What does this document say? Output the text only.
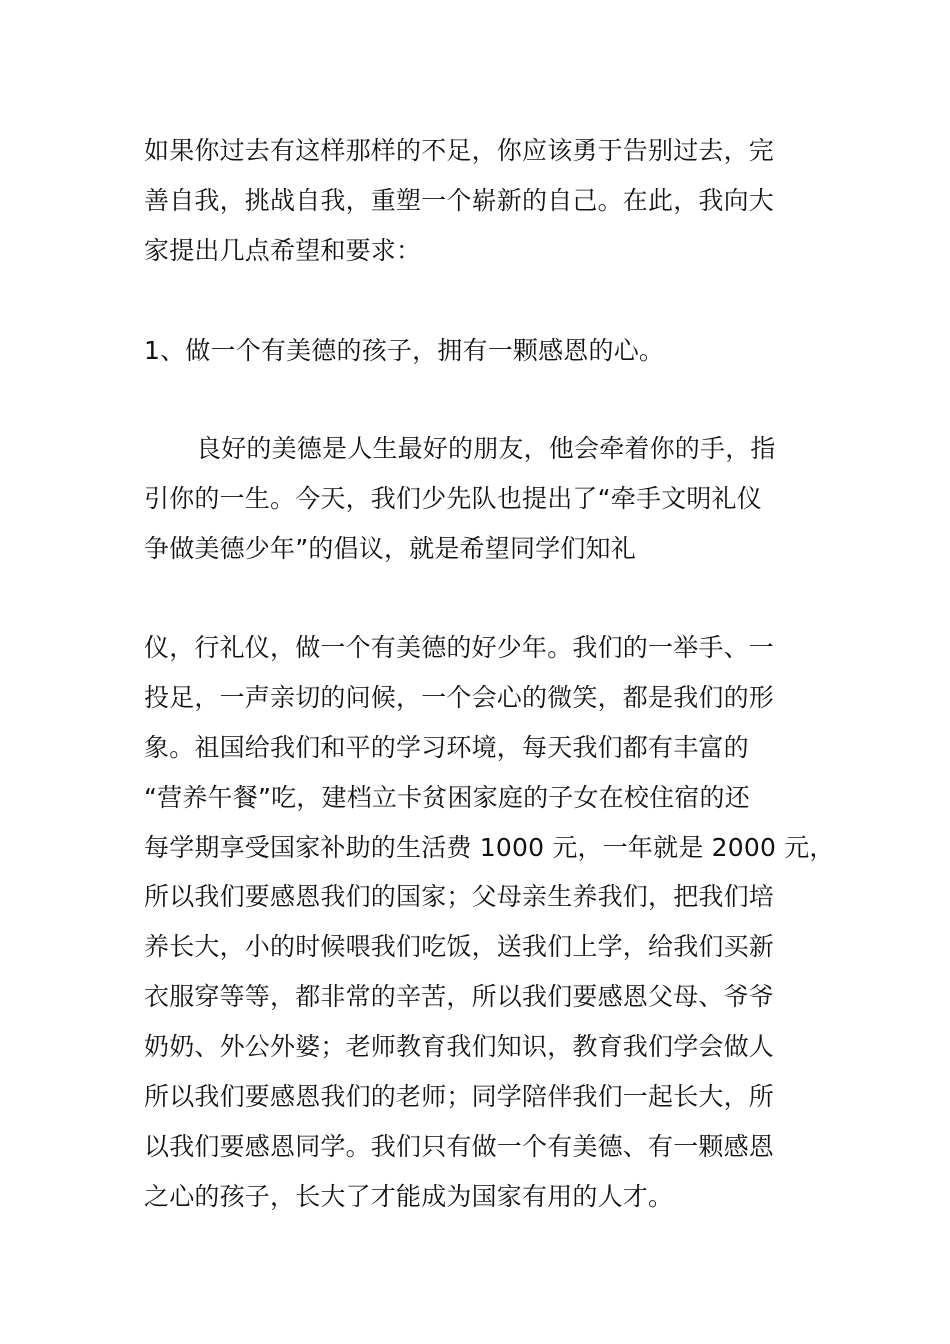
如果你过去有这样那样的不足，你应该勇于告别过去，完
善自我，挑战自我，重塑一个崭新的自己。在此，我向大
家提出几点希望和要求：
1、做一个有美德的孩子，拥有一颗感恩的心。
良好的美德是人生最好的朋友，他会牵着你的手，指
引你的一生。今天，我们少先队也提出了“牵手文明礼仪
争做美德少年”的倡议，就是希望同学们知礼
仪，行礼仪，做一个有美德的好少年。我们的一举手、一
投足，一声亲切的问候，一个会心的微笑，都是我们的形
象。祖国给我们和平的学习环境，每天我们都有丰富的
“营养午餐”吃，建档立卡贫困家庭的子女在校住宿的还
每学期享受国家补助的生活费 1000 元，一年就是 2000 元，
所以我们要感恩我们的国家；父母亲生养我们，把我们培
养长大，小的时候喂我们吃饭，送我们上学，给我们买新
衣服穿等等，都非常的辛苦，所以我们要感恩父母、爷爷
奶奶、外公外婆；老师教育我们知识，教育我们学会做人
所以我们要感恩我们的老师；同学陪伴我们一起长大，所
以我们要感恩同学。我们只有做一个有美德、有一颗感恩
之心的孩子，长大了才能成为国家有用的人才。
